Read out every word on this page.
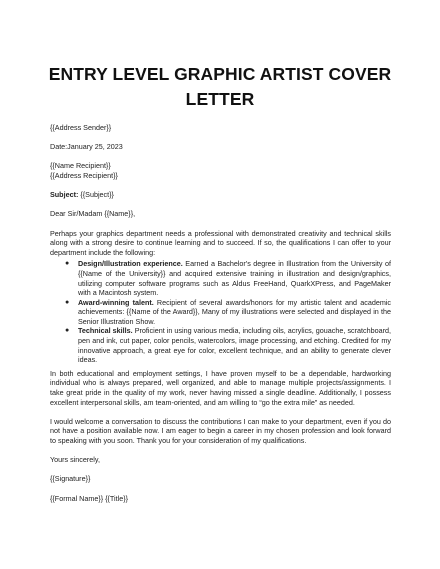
ENTRY LEVEL GRAPHIC ARTIST COVER
LETTER

{{Address Sender}}

Date:January 25, 2023

{{Name Recipient}}

{{Address Recipient}}

Subject: {{Subject}}

Dear Sir/Madam {{Name}},

Perhaps your graphics department needs a professional with demonstrated creativity and technical skills along with a strong desire to continue learning and to succeed. If so, the qualifications I can offer to your department include the following:

● Design/Illustration experience. Earned a Bachelor's degree in Illustration from the University of {{Name of the University}} and acquired extensive training in illustration and design/graphics, utilizing computer software programs such as Aldus FreeHand, QuarkXPress, and PageMaker with a Macintosh system.
● Award-winning talent. Recipient of several awards/honors for my artistic talent and academic achievements: {{Name of the Award}}, Many of my illustrations were selected and displayed in the Senior Illustration Show.
● Technical skills. Proficient in using various media, including oils, acrylics, gouache, scratchboard, pen and ink, cut paper, color pencils, watercolors, image processing, and etching. Credited for my innovative approach, a great eye for color, excellent technique, and an ability to generate clever ideas.

In both educational and employment settings, I have proven myself to be a dependable, hardworking individual who is always prepared, well organized, and able to manage multiple projects/assignments. I take great pride in the quality of my work, never having missed a single deadline. Additionally, I possess excellent interpersonal skills, am team-oriented, and am willing to “go the extra mile” as needed.

I would welcome a conversation to discuss the contributions I can make to your department, even if you do not have a position available now. I am eager to begin a career in my chosen profession and look forward to speaking with you soon. Thank you for your consideration of my qualifications.

Yours sincerely,

{{Signature}}

{{Formal Name}} {{Title}}
